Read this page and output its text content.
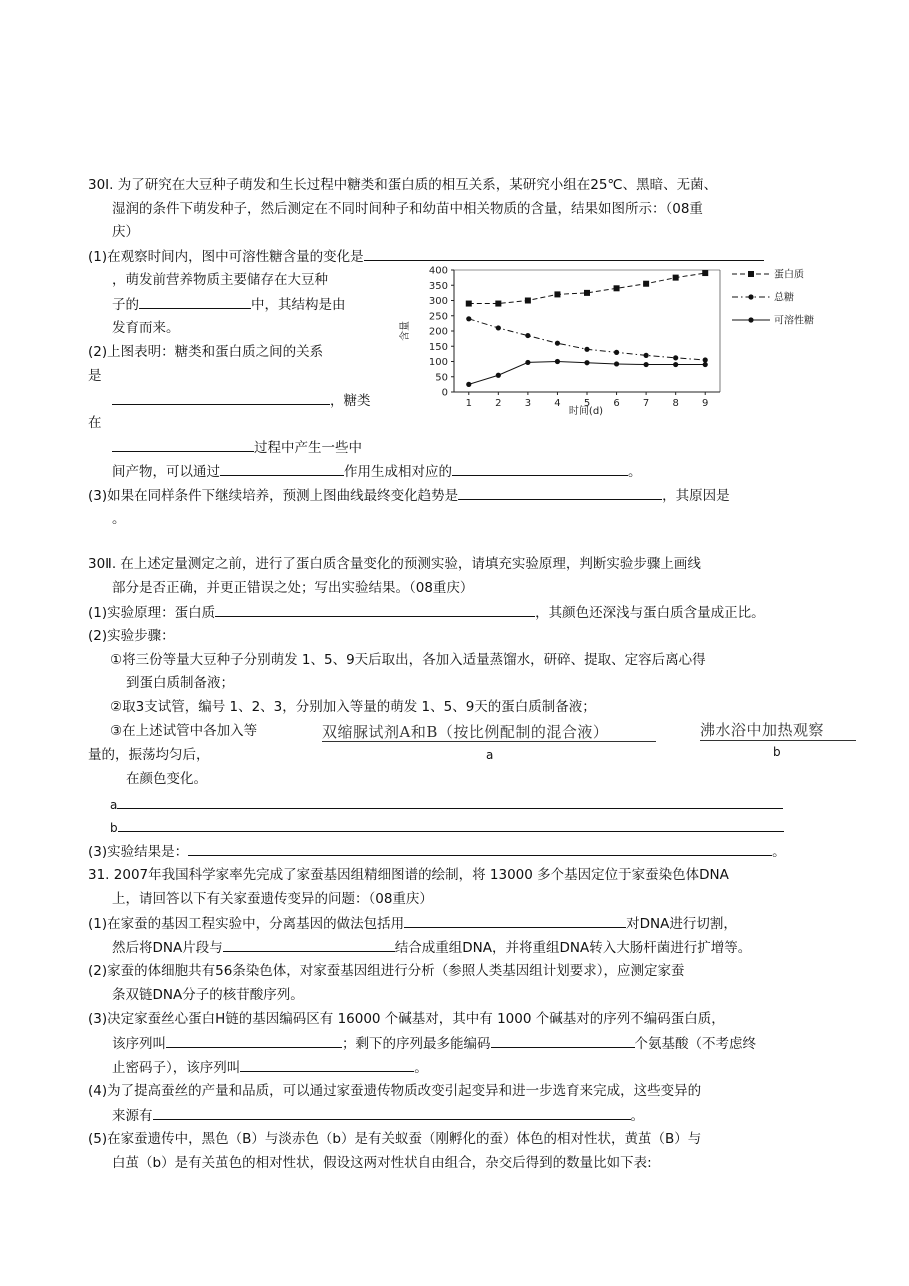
30Ⅰ. 为了研究在大豆种子萌发和生长过程中糖类和蛋白质的相互关系，某研究小组在25℃、黑暗、无菌、
湿润的条件下萌发种子，然后测定在不同时间种子和幼苗中相关物质的含量，结果如图所示：（08重
庆）
(1)在观察时间内，图中可溶性糖含量的变化是
，萌发前营养物质主要储存在大豆种
子的	中，其结构是由
发育而来。
(2)上图表明：糖类和蛋白质之间的关系
是
，糖类
在
过程中产生一些中
间产物，可以通过	作用生成相对应的	。
(3)如果在同样条件下继续培养，预测上图曲线最终变化趋势是	，其原因是
。
0
50
100
150
200
250
300
350
400
1 2 3 4 5 6 7 8 9
蛋白质
总糖
可溶性糖
含量
时间(d)
30Ⅱ. 在上述定量测定之前，进行了蛋白质含量变化的预测实验，请填充实验原理，判断实验步骤上画线
部分是否正确，并更正错误之处；写出实验结果。（08重庆）
(1)实验原理：蛋白质	，其颜色还深浅与蛋白质含量成正比。
(2)实验步骤：
①将三份等量大豆种子分别萌发 1、5、9天后取出，各加入适量蒸馏水，研碎、提取、定容后离心得
到蛋白质制备液；
②取3支试管，编号 1、2、3，分别加入等量的萌发 1、5、9天的蛋白质制备液；
③在上述试管中各加入等
量的，振荡均匀后，
在颜色变化。
双缩脲试剂A和B（按比例配制的混合液）
a
沸水浴中加热观察
b
a
b
(3)实验结果是：	。
31. 2007年我国科学家率先完成了家蚕基因组精细图谱的绘制，将 13000 多个基因定位于家蚕染色体DNA
上，请回答以下有关家蚕遗传变异的问题：（08重庆）
(1)在家蚕的基因工程实验中，分离基因的做法包括用	对DNA进行切割，
然后将DNA片段与	结合成重组DNA，并将重组DNA转入大肠杆菌进行扩增等。
(2)家蚕的体细胞共有56条染色体，对家蚕基因组进行分析（参照人类基因组计划要求），应测定家蚕
条双链DNA分子的核苷酸序列。
(3)决定家蚕丝心蛋白H链的基因编码区有 16000 个碱基对，其中有 1000 个碱基对的序列不编码蛋白质，
该序列叫	；剩下的序列最多能编码	个氨基酸（不考虑终
止密码子），该序列叫	。
(4)为了提高蚕丝的产量和品质，可以通过家蚕遗传物质改变引起变异和进一步选育来完成，这些变异的
来源有	。
(5)在家蚕遗传中，黑色（B）与淡赤色（b）是有关蚁蚕（刚孵化的蚕）体色的相对性状，黄茧（B）与
白茧（b）是有关茧色的相对性状，假设这两对性状自由组合，杂交后得到的数量比如下表:
